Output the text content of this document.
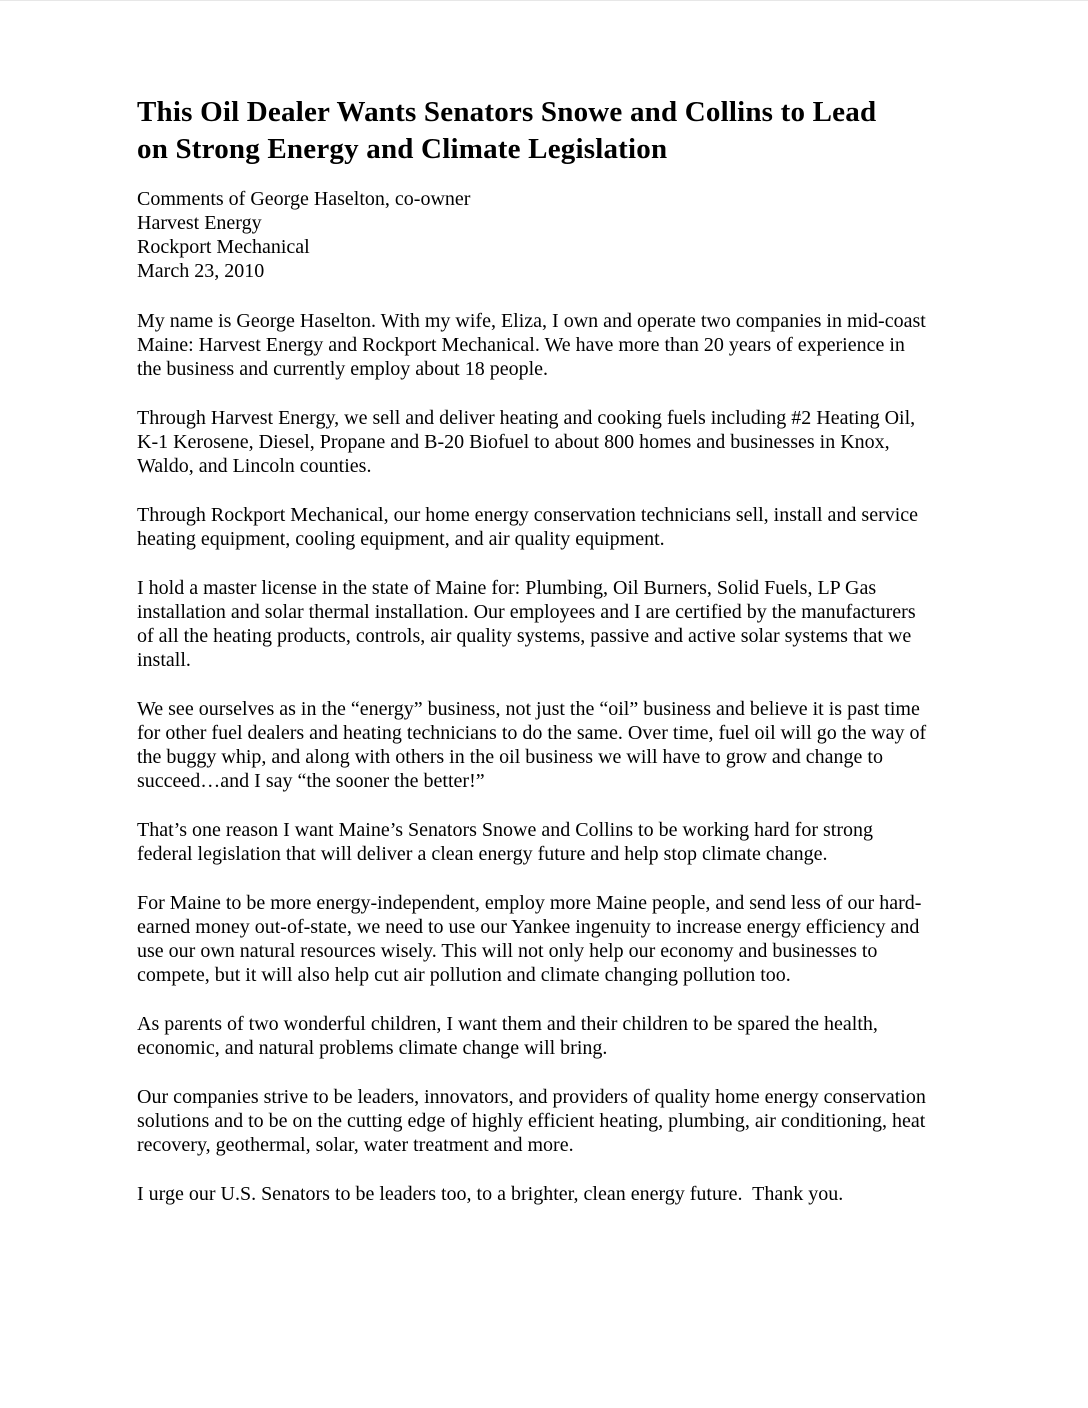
This Oil Dealer Wants Senators Snowe and Collins to Lead
on Strong Energy and Climate Legislation
Comments of George Haselton, co-owner
Harvest Energy
Rockport Mechanical
March 23, 2010

My name is George Haselton. With my wife, Eliza, I own and operate two companies in mid-coast Maine: Harvest Energy and Rockport Mechanical. We have more than 20 years of experience in the business and currently employ about 18 people.

Through Harvest Energy, we sell and deliver heating and cooking fuels including #2 Heating Oil, K-1 Kerosene, Diesel, Propane and B-20 Biofuel to about 800 homes and businesses in Knox, Waldo, and Lincoln counties.

Through Rockport Mechanical, our home energy conservation technicians sell, install and service heating equipment, cooling equipment, and air quality equipment.

I hold a master license in the state of Maine for: Plumbing, Oil Burners, Solid Fuels, LP Gas installation and solar thermal installation. Our employees and I are certified by the manufacturers of all the heating products, controls, air quality systems, passive and active solar systems that we install.

We see ourselves as in the “energy” business, not just the “oil” business and believe it is past time for other fuel dealers and heating technicians to do the same. Over time, fuel oil will go the way of the buggy whip, and along with others in the oil business we will have to grow and change to succeed…and I say “the sooner the better!”

That’s one reason I want Maine’s Senators Snowe and Collins to be working hard for strong federal legislation that will deliver a clean energy future and help stop climate change.

For Maine to be more energy-independent, employ more Maine people, and send less of our hard-earned money out-of-state, we need to use our Yankee ingenuity to increase energy efficiency and use our own natural resources wisely. This will not only help our economy and businesses to compete, but it will also help cut air pollution and climate changing pollution too.

As parents of two wonderful children, I want them and their children to be spared the health, economic, and natural problems climate change will bring.

Our companies strive to be leaders, innovators, and providers of quality home energy conservation solutions and to be on the cutting edge of highly efficient heating, plumbing, air conditioning, heat recovery, geothermal, solar, water treatment and more.

I urge our U.S. Senators to be leaders too, to a brighter, clean energy future.  Thank you.
